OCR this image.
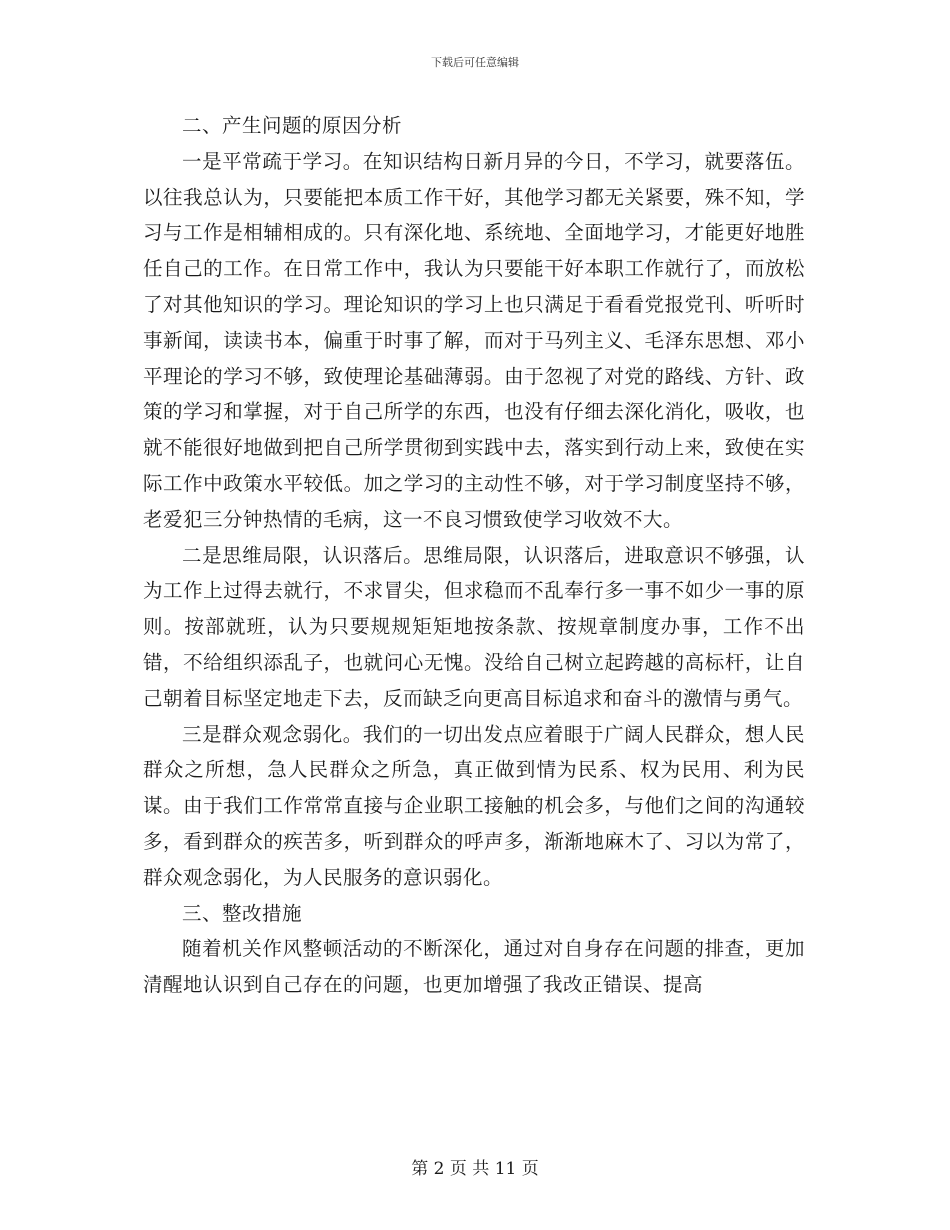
下载后可任意编辑

二、产生问题的原因分析

一是平常疏于学习。在知识结构日新月异的今日，不学习，就要落伍。以往我总认为，只要能把本质工作干好，其他学习都无关紧要，殊不知，学习与工作是相辅相成的。只有深化地、系统地、全面地学习，才能更好地胜任自己的工作。在日常工作中，我认为只要能干好本职工作就行了，而放松了对其他知识的学习。理论知识的学习上也只满足于看看党报党刊、听听时事新闻，读读书本，偏重于时事了解，而对于马列主义、毛泽东思想、邓小平理论的学习不够，致使理论基础薄弱。由于忽视了对党的路线、方针、政策的学习和掌握，对于自己所学的东西，也没有仔细去深化消化，吸收，也就不能很好地做到把自己所学贯彻到实践中去，落实到行动上来，致使在实际工作中政策水平较低。加之学习的主动性不够，对于学习制度坚持不够，老爱犯三分钟热情的毛病，这一不良习惯致使学习收效不大。

二是思维局限，认识落后。思维局限，认识落后，进取意识不够强，认为工作上过得去就行，不求冒尖，但求稳而不乱奉行多一事不如少一事的原则。按部就班，认为只要规规矩矩地按条款、按规章制度办事，工作不出错，不给组织添乱子，也就问心无愧。没给自己树立起跨越的高标杆，让自己朝着目标坚定地走下去，反而缺乏向更高目标追求和奋斗的激情与勇气。

三是群众观念弱化。我们的一切出发点应着眼于广阔人民群众，想人民群众之所想，急人民群众之所急，真正做到情为民系、权为民用、利为民谋。由于我们工作常常直接与企业职工接触的机会多，与他们之间的沟通较多，看到群众的疾苦多，听到群众的呼声多，渐渐地麻木了、习以为常了，群众观念弱化，为人民服务的意识弱化。

三、整改措施

随着机关作风整顿活动的不断深化，通过对自身存在问题的排查，更加清醒地认识到自己存在的问题，也更加增强了我改正错误、提高

第 2 页 共 11 页
